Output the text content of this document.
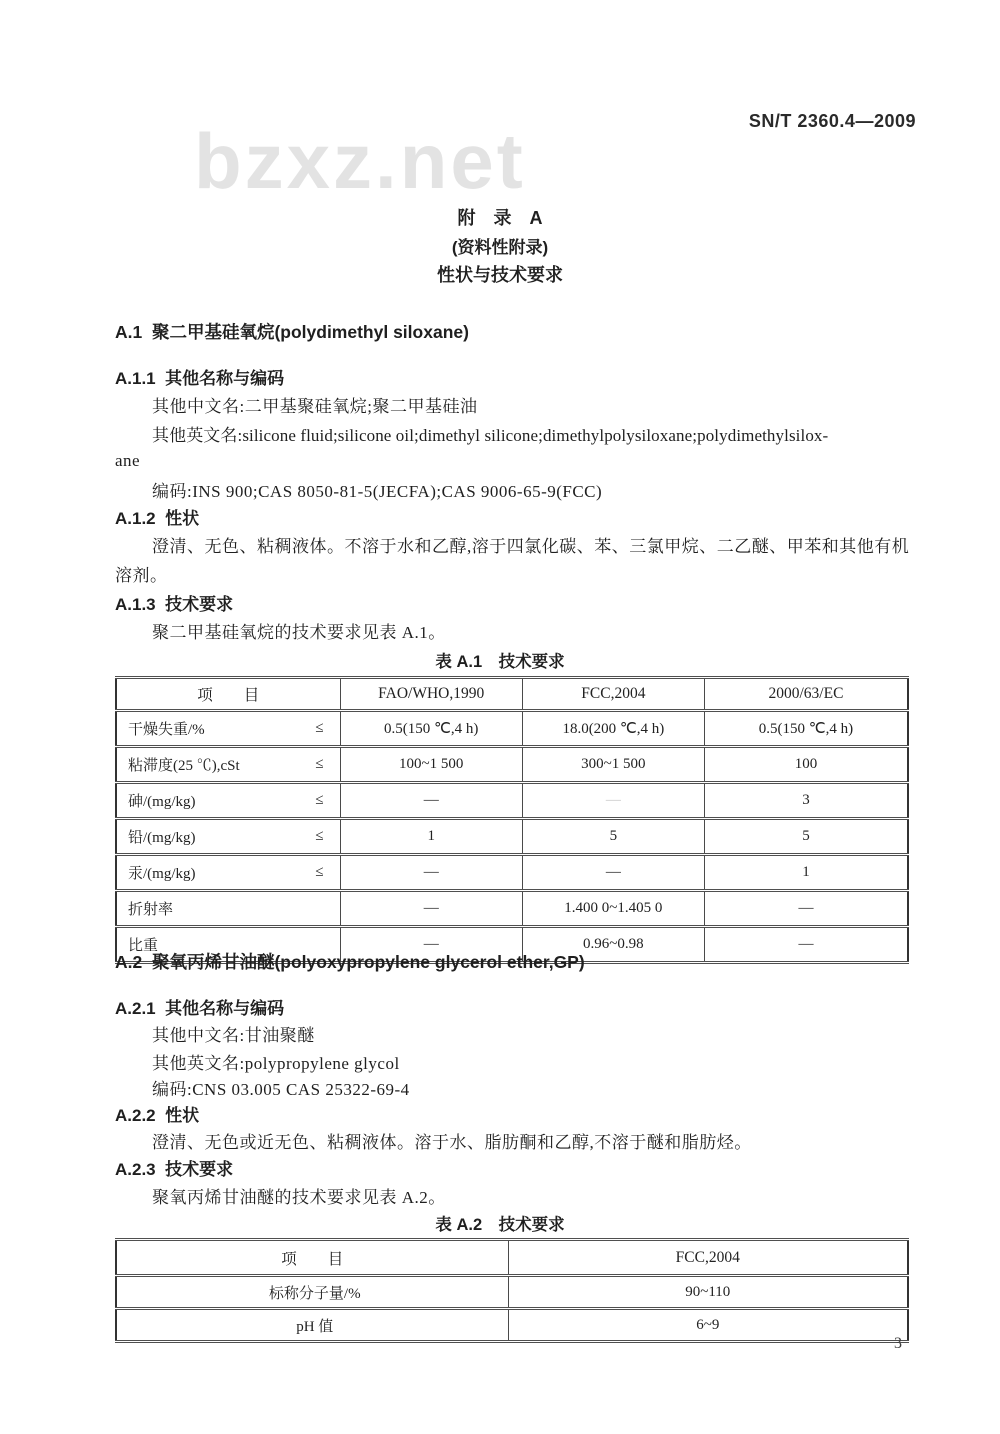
bzxz.net	SN/T 2360.4—2009
附　录　A
(资料性附录)
性状与技术要求
A.1  聚二甲基硅氧烷(polydimethyl siloxane)
A.1.1  其他名称与编码
其他中文名:二甲基聚硅氧烷;聚二甲基硅油
其他英文名:silicone fluid;silicone oil;dimethyl silicone;dimethylpolysiloxane;polydimethylsilox-
ane
编码:INS 900;CAS 8050-81-5(JECFA);CAS 9006-65-9(FCC)
A.1.2  性状
澄清、无色、粘稠液体。不溶于水和乙醇,溶于四氯化碳、苯、三氯甲烷、二乙醚、甲苯和其他有机
溶剂。
A.1.3  技术要求
聚二甲基硅氧烷的技术要求见表 A.1。
表 A.1　技术要求
项　　目	FAO/WHO,1990	FCC,2004	2000/63/EC

干燥失重/% ≤	0.5(150 ℃,4 h)	18.0(200 ℃,4 h)	0.5(150 ℃,4 h)

粘滞度(25 ℃),cSt ≤	100~1 500	300~1 500	100

砷/(mg/kg) ≤	—	—	3

铅/(mg/kg) ≤	1	5	5

汞/(mg/kg) ≤	—	—	1

折射率	—	1.400 0~1.405 0	—

比重	—	0.96~0.98	—
A.2  聚氧丙烯甘油醚(polyoxypropylene glycerol ether,GP)
A.2.1  其他名称与编码
其他中文名:甘油聚醚
其他英文名:polypropylene glycol
编码:CNS 03.005 CAS 25322-69-4
A.2.2  性状
澄清、无色或近无色、粘稠液体。溶于水、脂肪酮和乙醇,不溶于醚和脂肪烃。
A.2.3  技术要求
聚氧丙烯甘油醚的技术要求见表 A.2。
表 A.2　技术要求
项　　目	FCC,2004
标称分子量/%	90~110
pH 值	6~9
3
